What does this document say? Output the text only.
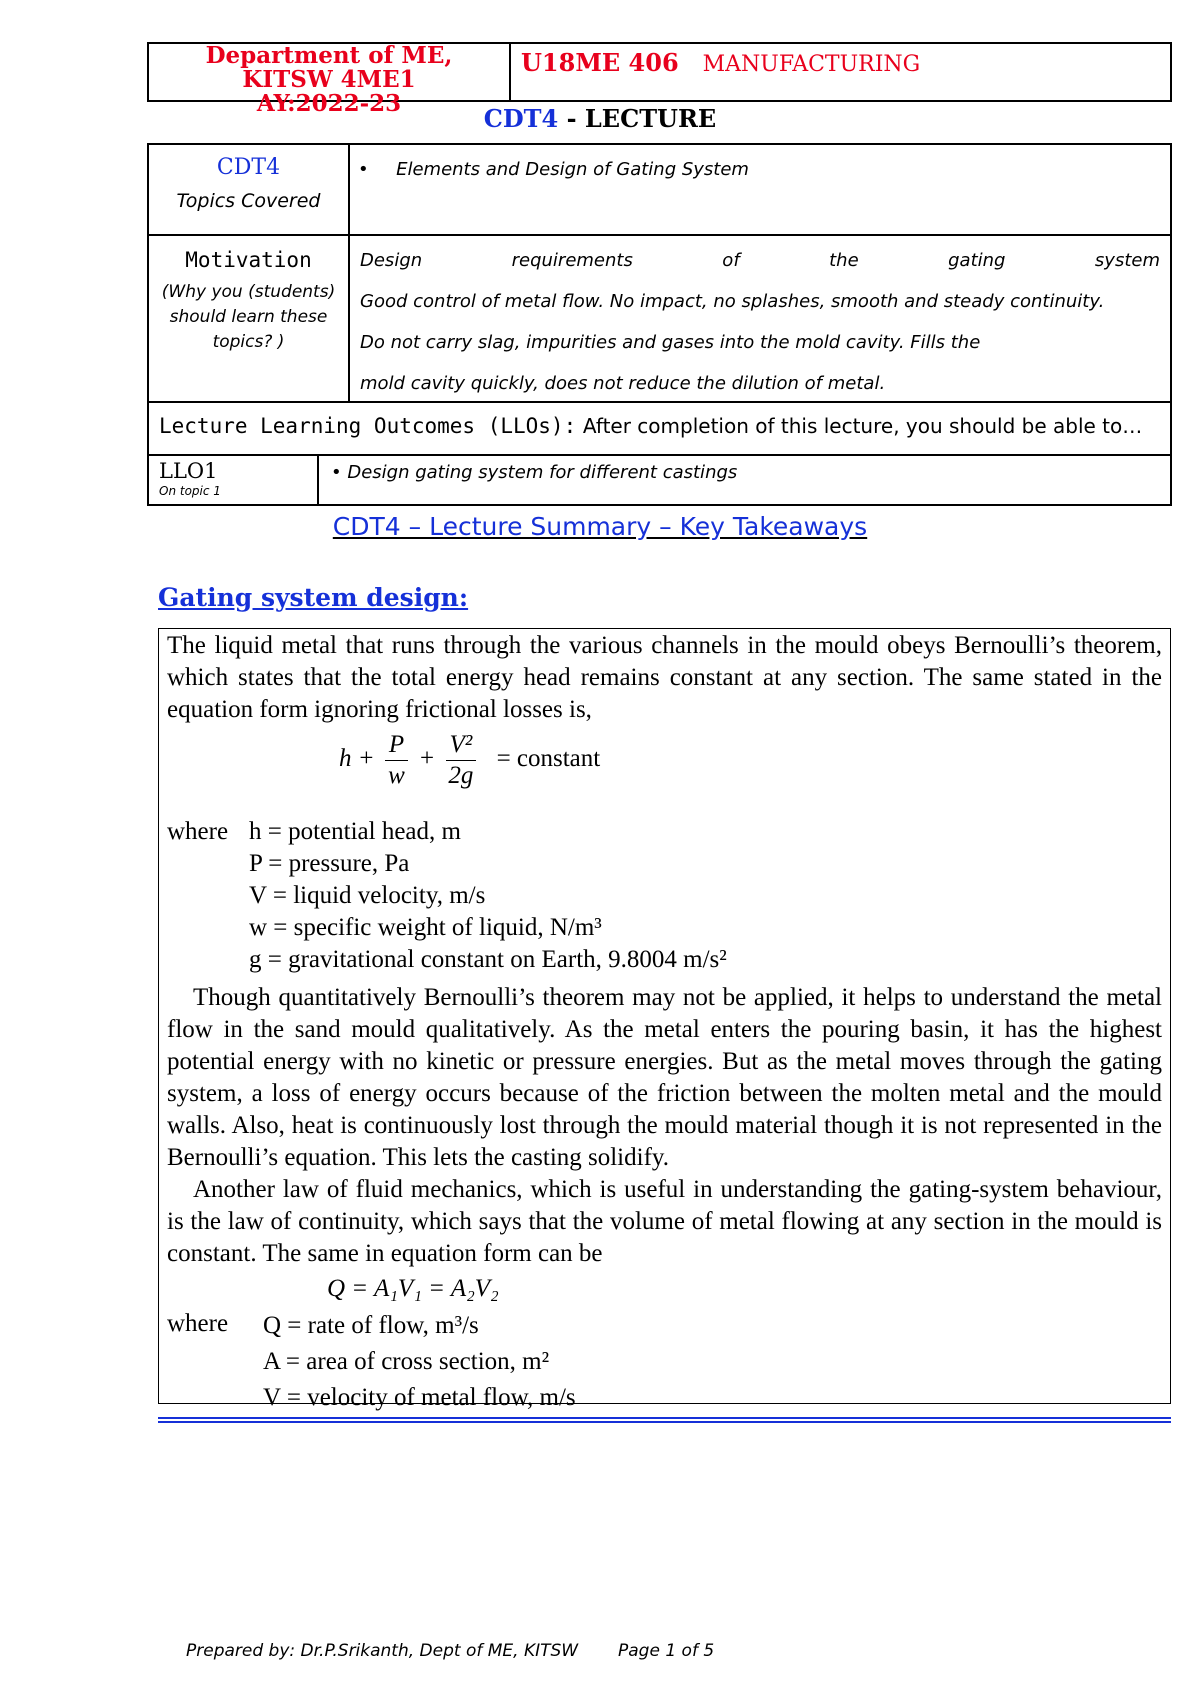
Department of ME,
KITSW 4ME1
AY:2022-23
U18ME 406 MANUFACTURING
CDT4 - LECTURE
CDT4
Topics Covered
• Elements and Design of Gating System
Motivation
(Why you (students) should learn these topics? )
Design requirements of the gating system
Good control of metal flow. No impact, no splashes, smooth and steady continuity.
Do not carry slag, impurities and gases into the mold cavity. Fills the
mold cavity quickly, does not reduce the dilution of metal.
Lecture Learning Outcomes (LLOs): After completion of this lecture, you should be able to…
LLO1
On topic 1
• Design gating system for different castings
CDT4 – Lecture Summary – Key Takeaways
Gating system design:

The liquid metal that runs through the various channels in the mould obeys Bernoulli’s theorem, which states that the total energy head remains constant at any section. The same stated in the equation form ignoring frictional losses is,

$h + \frac{P}{w} + \frac{\text{V²}}{2g}$ = constant
where h = potential head, m
P = pressure, Pa
V = liquid velocity, m/s
w = specific weight of liquid, N/m³
g = gravitational constant on Earth, 9.8004 m/s²

Though quantitatively Bernoulli’s theorem may not be applied, it helps to understand the metal flow in the sand mould qualitatively. As the metal enters the pouring basin, it has the highest potential energy with no kinetic or pressure energies. But as the metal moves through the gating system, a loss of energy occurs because of the friction between the molten metal and the mould walls. Also, heat is continuously lost through the mould material though it is not represented in the Bernoulli’s equation. This lets the casting solidify.

Another law of fluid mechanics, which is useful in understanding the gating-system behaviour, is the law of continuity, which says that the volume of metal flowing at any section in the mould is constant. The same in equation form can be

Q = A₁V₁ = A₂V₂
where Q = rate of flow, m³/s
A = area of cross section, m²
V = velocity of metal flow, m/s
Prepared by: Dr.P.Srikanth, Dept of ME, KITSW Page 1 of 5
